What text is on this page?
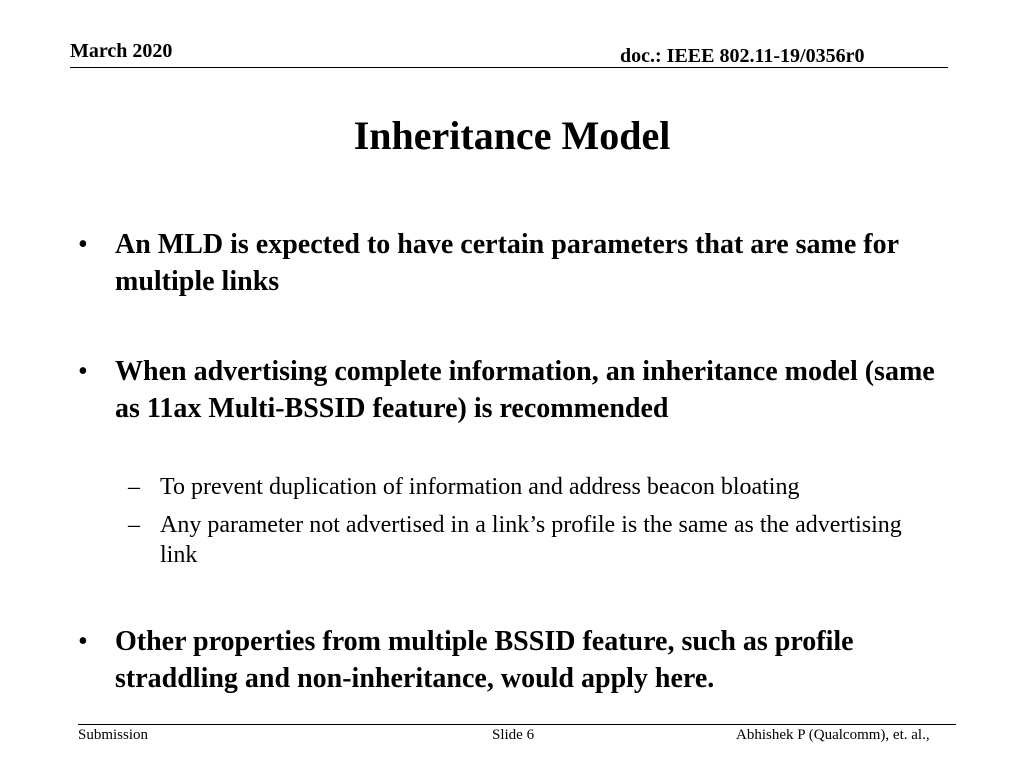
March 2020	doc.: IEEE 802.11-19/0356r0
Inheritance Model
• An MLD is expected to have certain parameters that are same for multiple links
• When advertising complete information, an inheritance model (same as 11ax Multi-BSSID feature) is recommended
– To prevent duplication of information and address beacon bloating
– Any parameter not advertised in a link’s profile is the same as the advertising link
• Other properties from multiple BSSID feature, such as profile straddling and non-inheritance, would apply here.
Submission	Slide 6	Abhishek P (Qualcomm), et. al.,
